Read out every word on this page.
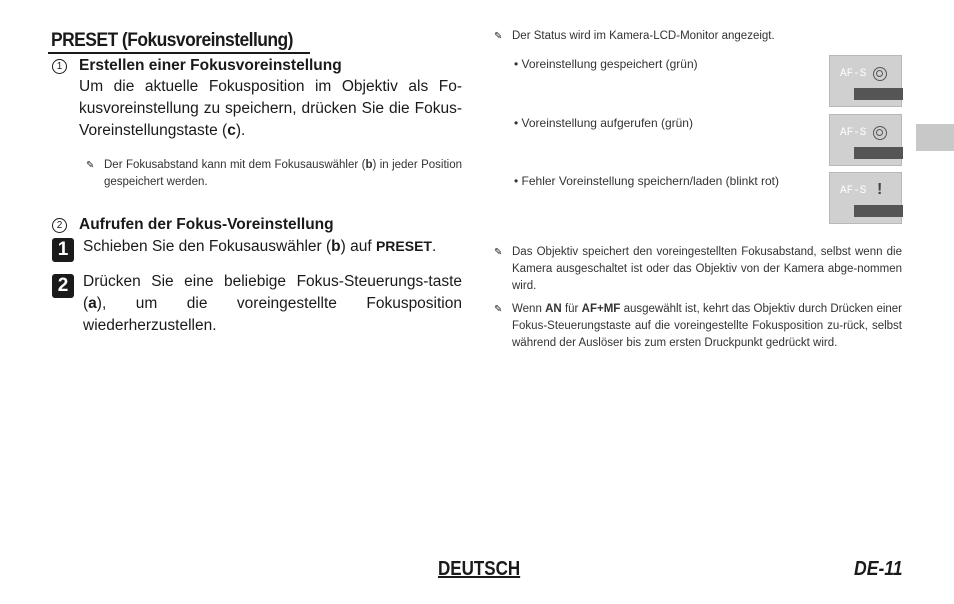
PRESET (Fokusvoreinstellung)
1	Erstellen einer Fokusvoreinstellung
Um die aktuelle Fokusposition im Objektiv als Fo-kusvoreinstellung zu speichern, drücken Sie die Fokus-Voreinstellungstaste (c).
✎ Der Fokusabstand kann mit dem Fokusauswähler (b) in jeder Position gespeichert werden.
2	Aufrufen der Fokus-Voreinstellung
1 Schieben Sie den Fokusauswähler (b) auf PRESET.
2 Drücken Sie eine beliebige Fokus-Steuerungs-taste (a), um die voreingestellte Fokusposition wiederherzustellen.
✎ Der Status wird im Kamera-LCD-Monitor angezeigt.
• Voreinstellung gespeichert (grün)
AF-S
• Voreinstellung aufgerufen (grün)
AF-S
• Fehler Voreinstellung speichern/laden (blinkt rot)
AF-S !
✎ Das Objektiv speichert den voreingestellten Fokusabstand, selbst wenn die Kamera ausgeschaltet ist oder das Objektiv von der Kamera abge-nommen wird.
✎ Wenn AN für AF+MF ausgewählt ist, kehrt das Objektiv durch Drücken einer Fokus-Steuerungstaste auf die voreingestellte Fokusposition zu-rück, selbst während der Auslöser bis zum ersten Druckpunkt gedrückt wird.
DEUTSCH	DE-11
